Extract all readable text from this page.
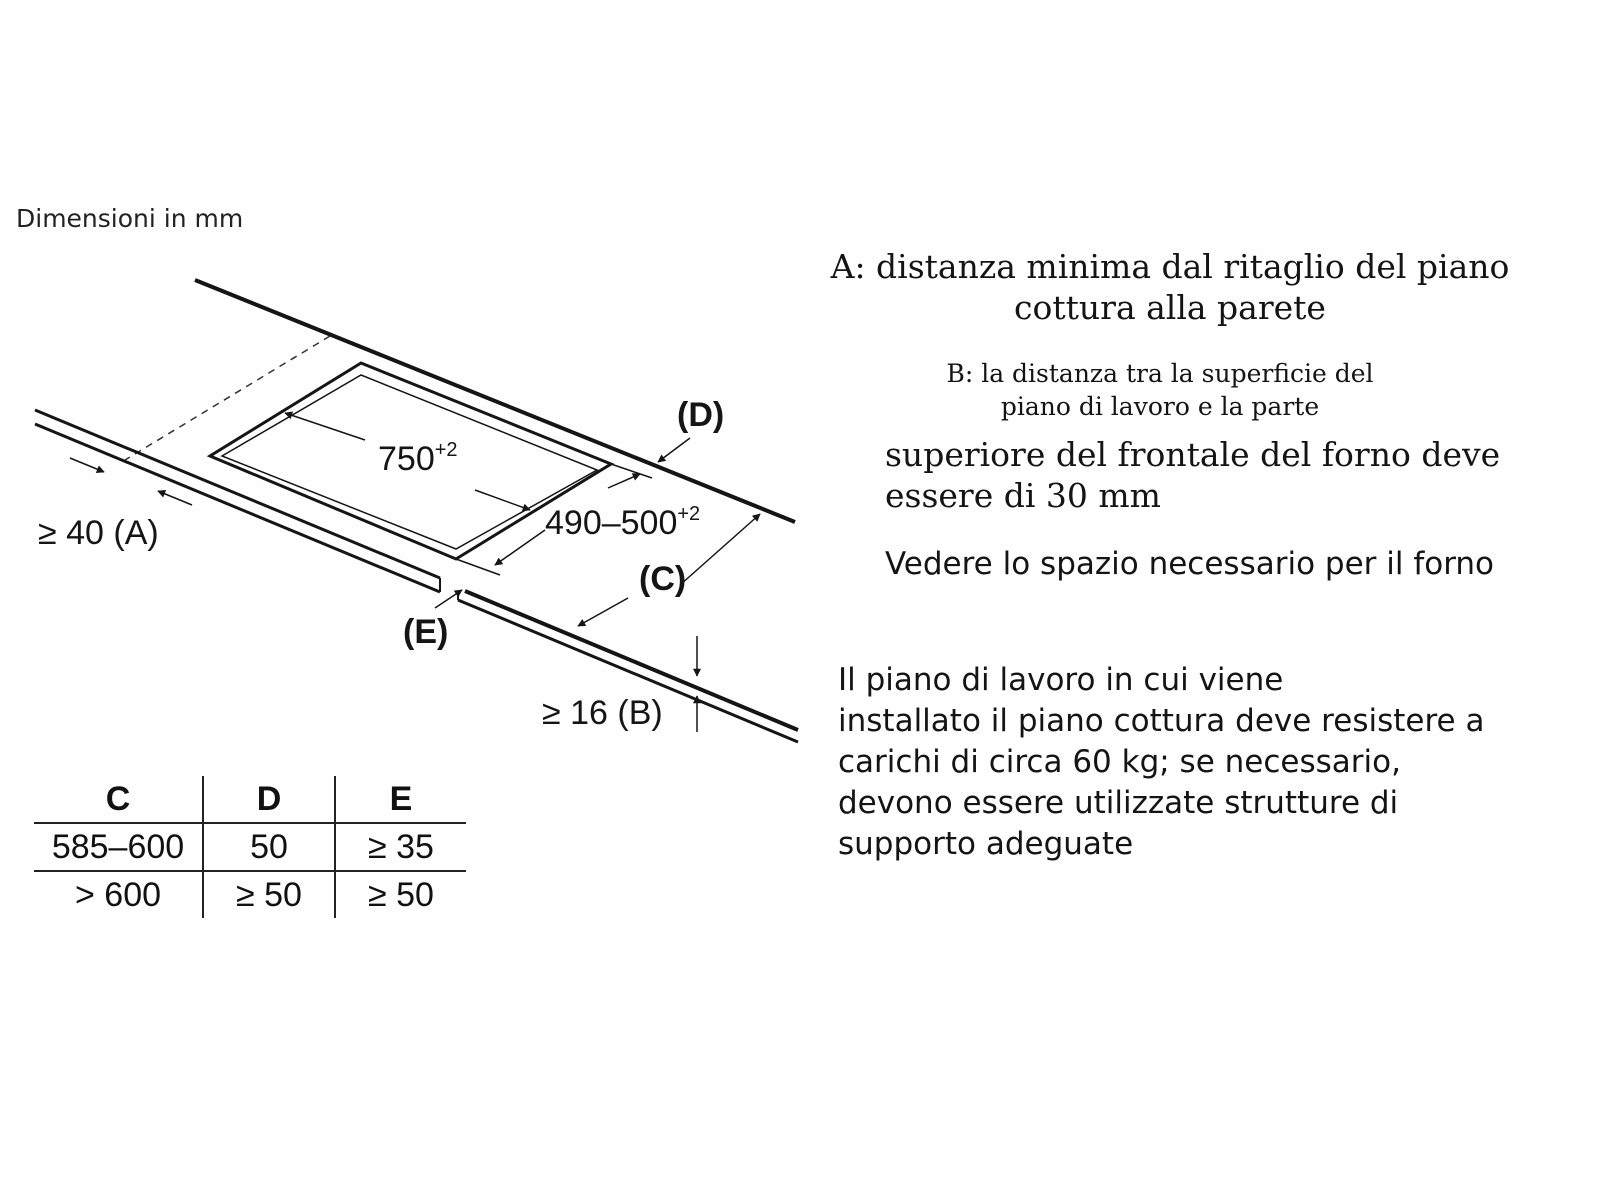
Dimensioni in mm
$750^{+2}$
$490-500^{+2}$
(D)
(C)
(E)
≥ 40 (A)
≥ 16 (B)
A: distanza minima dal ritaglio del piano cottura alla parete
B: la distanza tra la superficie del piano di lavoro e la parte
superiore del frontale del forno deve essere di 30 mm
Vedere lo spazio necessario per il forno
Il piano di lavoro in cui viene
installato il piano cottura deve resistere a
carichi di circa 60 kg; se necessario,
devono essere utilizzate strutture di
supporto adeguate
C	D	E
585–600	50	≥ 35
> 600	≥ 50	≥ 50
